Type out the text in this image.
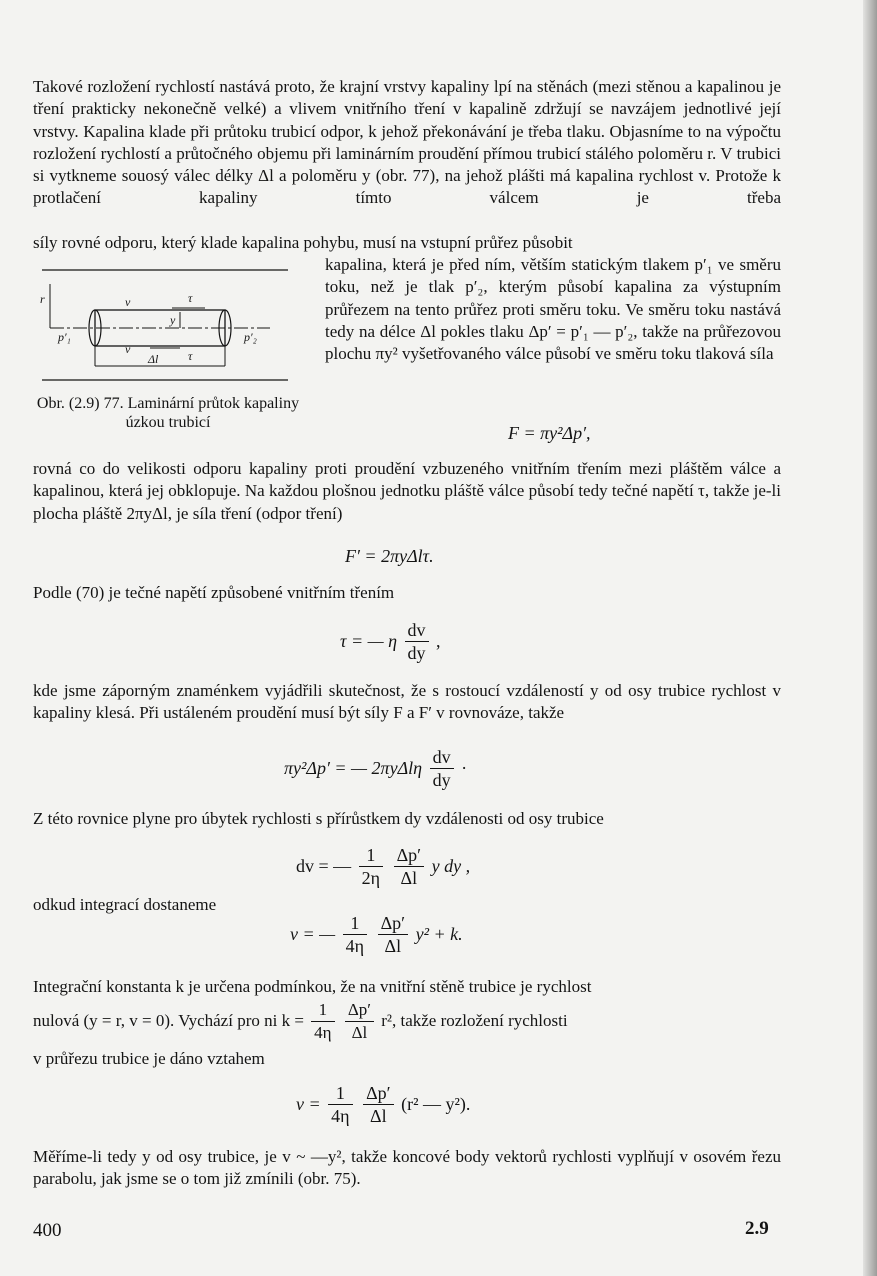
Takové rozložení rychlostí nastává proto, že krajní vrstvy kapaliny lpí na stěnách (mezi stěnou a kapalinou je tření prakticky nekonečně velké) a vlivem vnitřního tření v kapalině zdržují se navzájem jednotlivé její vrstvy. Kapalina klade při průtoku trubicí odpor, k jehož překonávání je třeba tlaku. Objasníme to na výpočtu rozložení rychlostí a průtočného objemu při laminárním proudění přímou trubicí stálého poloměru r. V trubici si vytkneme souosý válec délky Δl a poloměru y (obr. 77), na jehož plášti má kapalina rychlost v. Protože k protlačení kapaliny tímto válcem je třeba

síly rovné odporu, který klade kapalina pohybu, musí na vstupní průřez působit

kapalina, která je před ním, větším statickým tlakem p′₁ ve směru toku, než je tlak p′₂, kterým působí kapalina za výstupním průřezem na tento průřez proti směru toku. Ve směru toku nastává tedy na délce Δl pokles tlaku Δp′ = p′₁ — p′₂, takže na průřezovou plochu πy² vyšetřovaného válce působí ve směru toku tlaková síla

r	v	τ
y
p′₁	p′₂
v	τ
Δl
Obr. (2.9) 77. Laminární průtok kapaliny úzkou trubicí
F = πy²Δp′,

rovná co do velikosti odporu kapaliny proti proudění vzbuzeného vnitřním třením mezi pláštěm válce a kapalinou, která jej obklopuje. Na každou plošnou jednotku pláště válce působí tedy tečné napětí τ, takže je-li plocha pláště 2πyΔl, je síla tření (odpor tření)

F′ = 2πyΔlτ.

Podle (70) je tečné napětí způsobené vnitřním třením

τ = — η $\frac{dv}{dy}$ ,

kde jsme záporným znaménkem vyjádřili skutečnost, že s rostoucí vzdáleností y od osy trubice rychlost v kapaliny klesá. Při ustáleném proudění musí být síly F a F′ v rovnováze, takže

πy²Δp′ = — $2\pi y\Delta l\eta \frac{dv}{dy}$ ·

Z této rovnice plyne pro úbytek rychlosti s přírůstkem dy vzdálenosti od osy trubice

dv = — $\frac{1}{2\eta}$
$\frac{\Delta p'}{\Delta l}$ y dy ,

odkud integrací dostaneme

v = — $\frac{1}{4\eta}$
$\frac{\Delta p'}{\Delta l} y^2 + k$.

Integrační konstanta k je určena podmínkou, že na vnitřní stěně trubice je rychlost

nulová (y = r, v = 0). Vychází pro ni $k = \frac{1}{4\eta}$
$\frac{\Delta p'}{\Delta l} r^2$, takže rozložení rychlosti

v průřezu trubice je dáno vztahem

$v = \frac{1}{4\eta}$
$\frac{\Delta p'}{\Delta l} (r^2$ — y²).

Měříme-li tedy y od osy trubice, je v ~ —y², takže koncové body vektorů rychlosti vyplňují v osovém řezu parabolu, jak jsme se o tom již zmínili (obr. 75).

400	2.9
